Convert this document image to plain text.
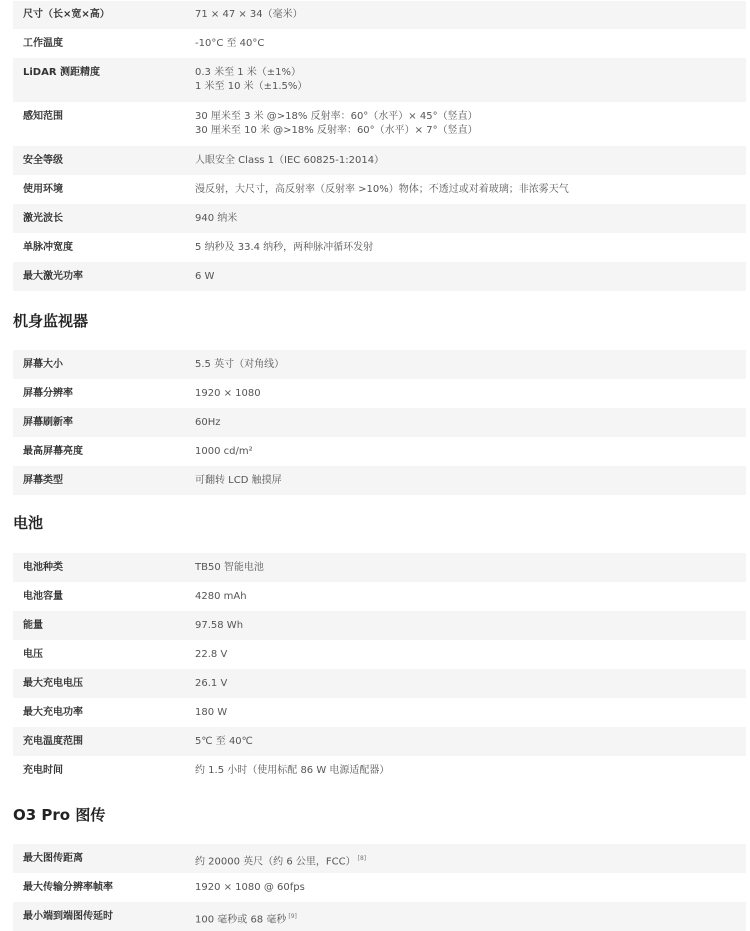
尺寸（长×宽×高）	71 × 47 × 34（毫米）
工作温度	-10°C 至 40°C
LiDAR 测距精度	0.3 米至 1 米（±1%）
1 米至 10 米（±1.5%）
感知范围	30 厘米至 3 米 @>18% 反射率：60°（水平）× 45°（竖直）
30 厘米至 10 米 @>18% 反射率：60°（水平）× 7°（竖直）
安全等级	人眼安全 Class 1（IEC 60825-1:2014）
使用环境	漫反射，大尺寸，高反射率（反射率 >10%）物体；不透过或对着玻璃；非浓雾天气
激光波长	940 纳米
单脉冲宽度	5 纳秒及 33.4 纳秒，两种脉冲循环发射
最大激光功率	6 W
机身监视器
屏幕大小	5.5 英寸（对角线）
屏幕分辨率	1920 × 1080
屏幕刷新率	60Hz
最高屏幕亮度	1000 cd/m²
屏幕类型	可翻转 LCD 触摸屏
电池
电池种类	TB50 智能电池
电池容量	4280 mAh
能量	97.58 Wh
电压	22.8 V
最大充电电压	26.1 V
最大充电功率	180 W
充电温度范围	5℃ 至 40℃
充电时间	约 1.5 小时（使用标配 86 W 电源适配器）
O3 Pro 图传
最大图传距离	约 20000 英尺（约 6 公里，FCC） [8]
最大传输分辨率帧率	1920 × 1080 @ 60fps
最小端到端图传延时	100 毫秒或 68 毫秒 [9]
